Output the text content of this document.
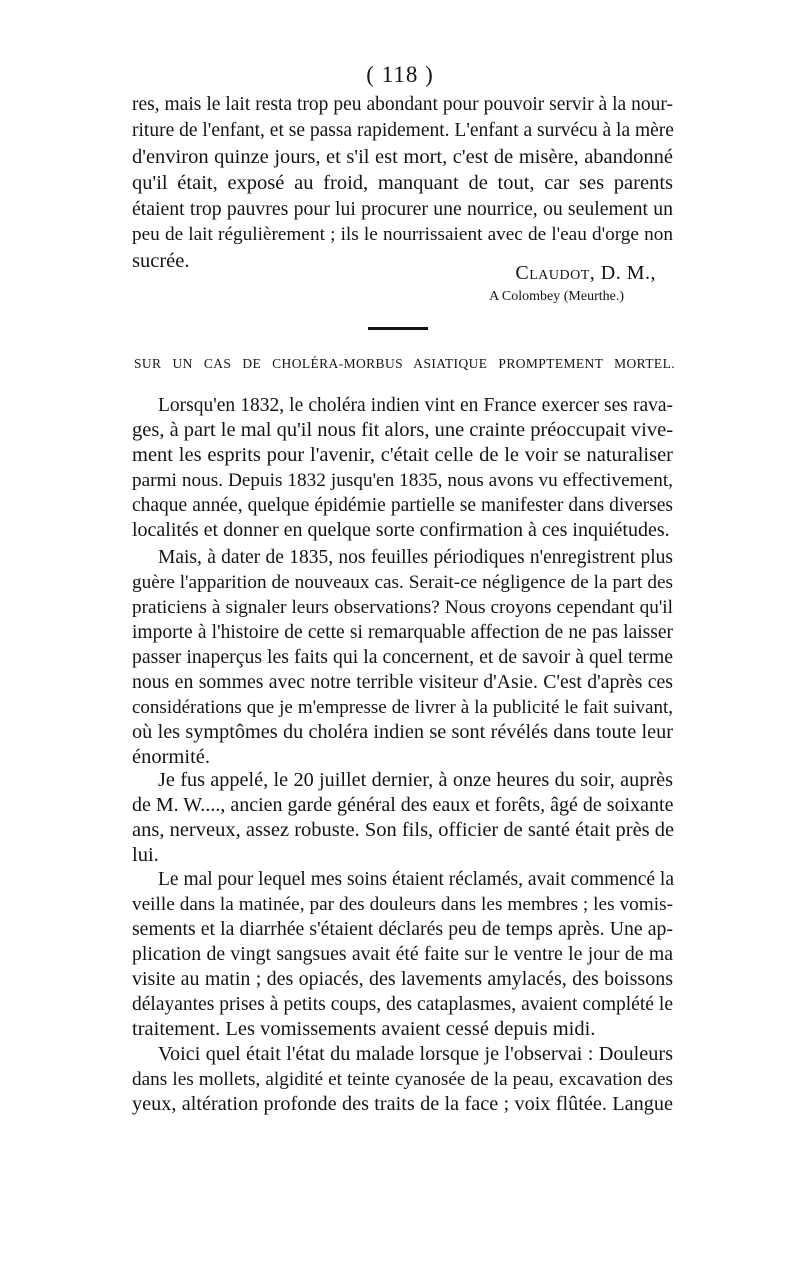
( 118 )
res, mais le lait resta trop peu abondant pour pouvoir servir à la nour-
riture de l'enfant, et se passa rapidement. L'enfant a survécu à la mère
d'environ quinze jours, et s'il est mort, c'est de misère, abandonné
qu'il était, exposé au froid, manquant de tout, car ses parents
étaient trop pauvres pour lui procurer une nourrice, ou seulement un
peu de lait régulièrement ; ils le nourrissaient avec de l'eau d'orge non
sucrée.
Claudot, D. M.,
A Colombey (Meurthe.)
SUR UN CAS DE CHOLÉRA-MORBUS ASIATIQUE PROMPTEMENT MORTEL.
Lorsqu'en 1832, le choléra indien vint en France exercer ses rava-
ges, à part le mal qu'il nous fit alors, une crainte préoccupait vive-
ment les esprits pour l'avenir, c'était celle de le voir se naturaliser
parmi nous. Depuis 1832 jusqu'en 1835, nous avons vu effectivement,
chaque année, quelque épidémie partielle se manifester dans diverses
localités et donner en quelque sorte confirmation à ces inquiétudes.
Mais, à dater de 1835, nos feuilles périodiques n'enregistrent plus
guère l'apparition de nouveaux cas. Serait-ce négligence de la part des
praticiens à signaler leurs observations? Nous croyons cependant qu'il
importe à l'histoire de cette si remarquable affection de ne pas laisser
passer inaperçus les faits qui la concernent, et de savoir à quel terme
nous en sommes avec notre terrible visiteur d'Asie. C'est d'après ces
considérations que je m'empresse de livrer à la publicité le fait suivant,
où les symptômes du choléra indien se sont révélés dans toute leur
énormité.
Je fus appelé, le 20 juillet dernier, à onze heures du soir, auprès
de M. W...., ancien garde général des eaux et forêts, âgé de soixante
ans, nerveux, assez robuste. Son fils, officier de santé était près de
lui.
Le mal pour lequel mes soins étaient réclamés, avait commencé la
veille dans la matinée, par des douleurs dans les membres ; les vomis-
sements et la diarrhée s'étaient déclarés peu de temps après. Une ap-
plication de vingt sangsues avait été faite sur le ventre le jour de ma
visite au matin ; des opiacés, des lavements amylacés, des boissons
délayantes prises à petits coups, des cataplasmes, avaient complété le
traitement. Les vomissements avaient cessé depuis midi.
Voici quel était l'état du malade lorsque je l'observai : Douleurs
dans les mollets, algidité et teinte cyanosée de la peau, excavation des
yeux, altération profonde des traits de la face ; voix flûtée. Langue
